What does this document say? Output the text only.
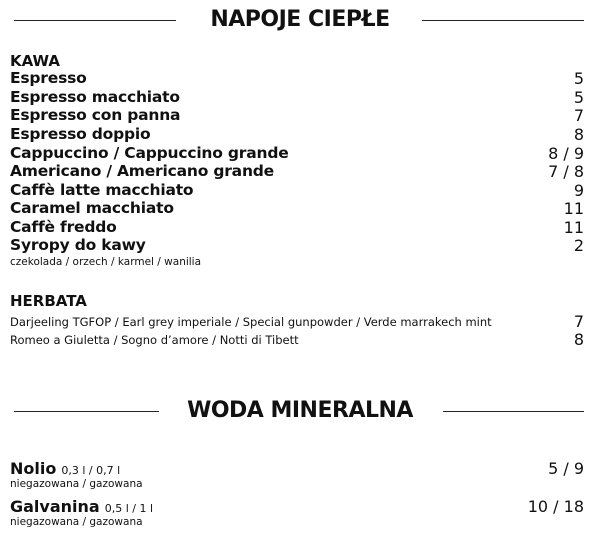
NAPOJE CIEPŁE
KAWA
Espresso	5
Espresso macchiato	5
Espresso con panna	7
Espresso doppio	8
Cappuccino / Cappuccino grande	8 / 9
Americano / Americano grande	7 / 8
Caffè latte macchiato	9
Caramel macchiato	11
Caffè freddo	11
Syropy do kawy	2
czekolada / orzech / karmel / wanilia
HERBATA
Darjeeling TGFOP / Earl grey imperiale / Special gunpowder / Verde marrakech mint	7
Romeo a Giuletta / Sogno d’amore / Notti di Tibett	8
WODA MINERALNA
Nolio 0,3 l / 0,7 l	5 / 9
niegazowana / gazowana
Galvanina 0,5 l / 1 l	10 / 18
niegazowana / gazowana
